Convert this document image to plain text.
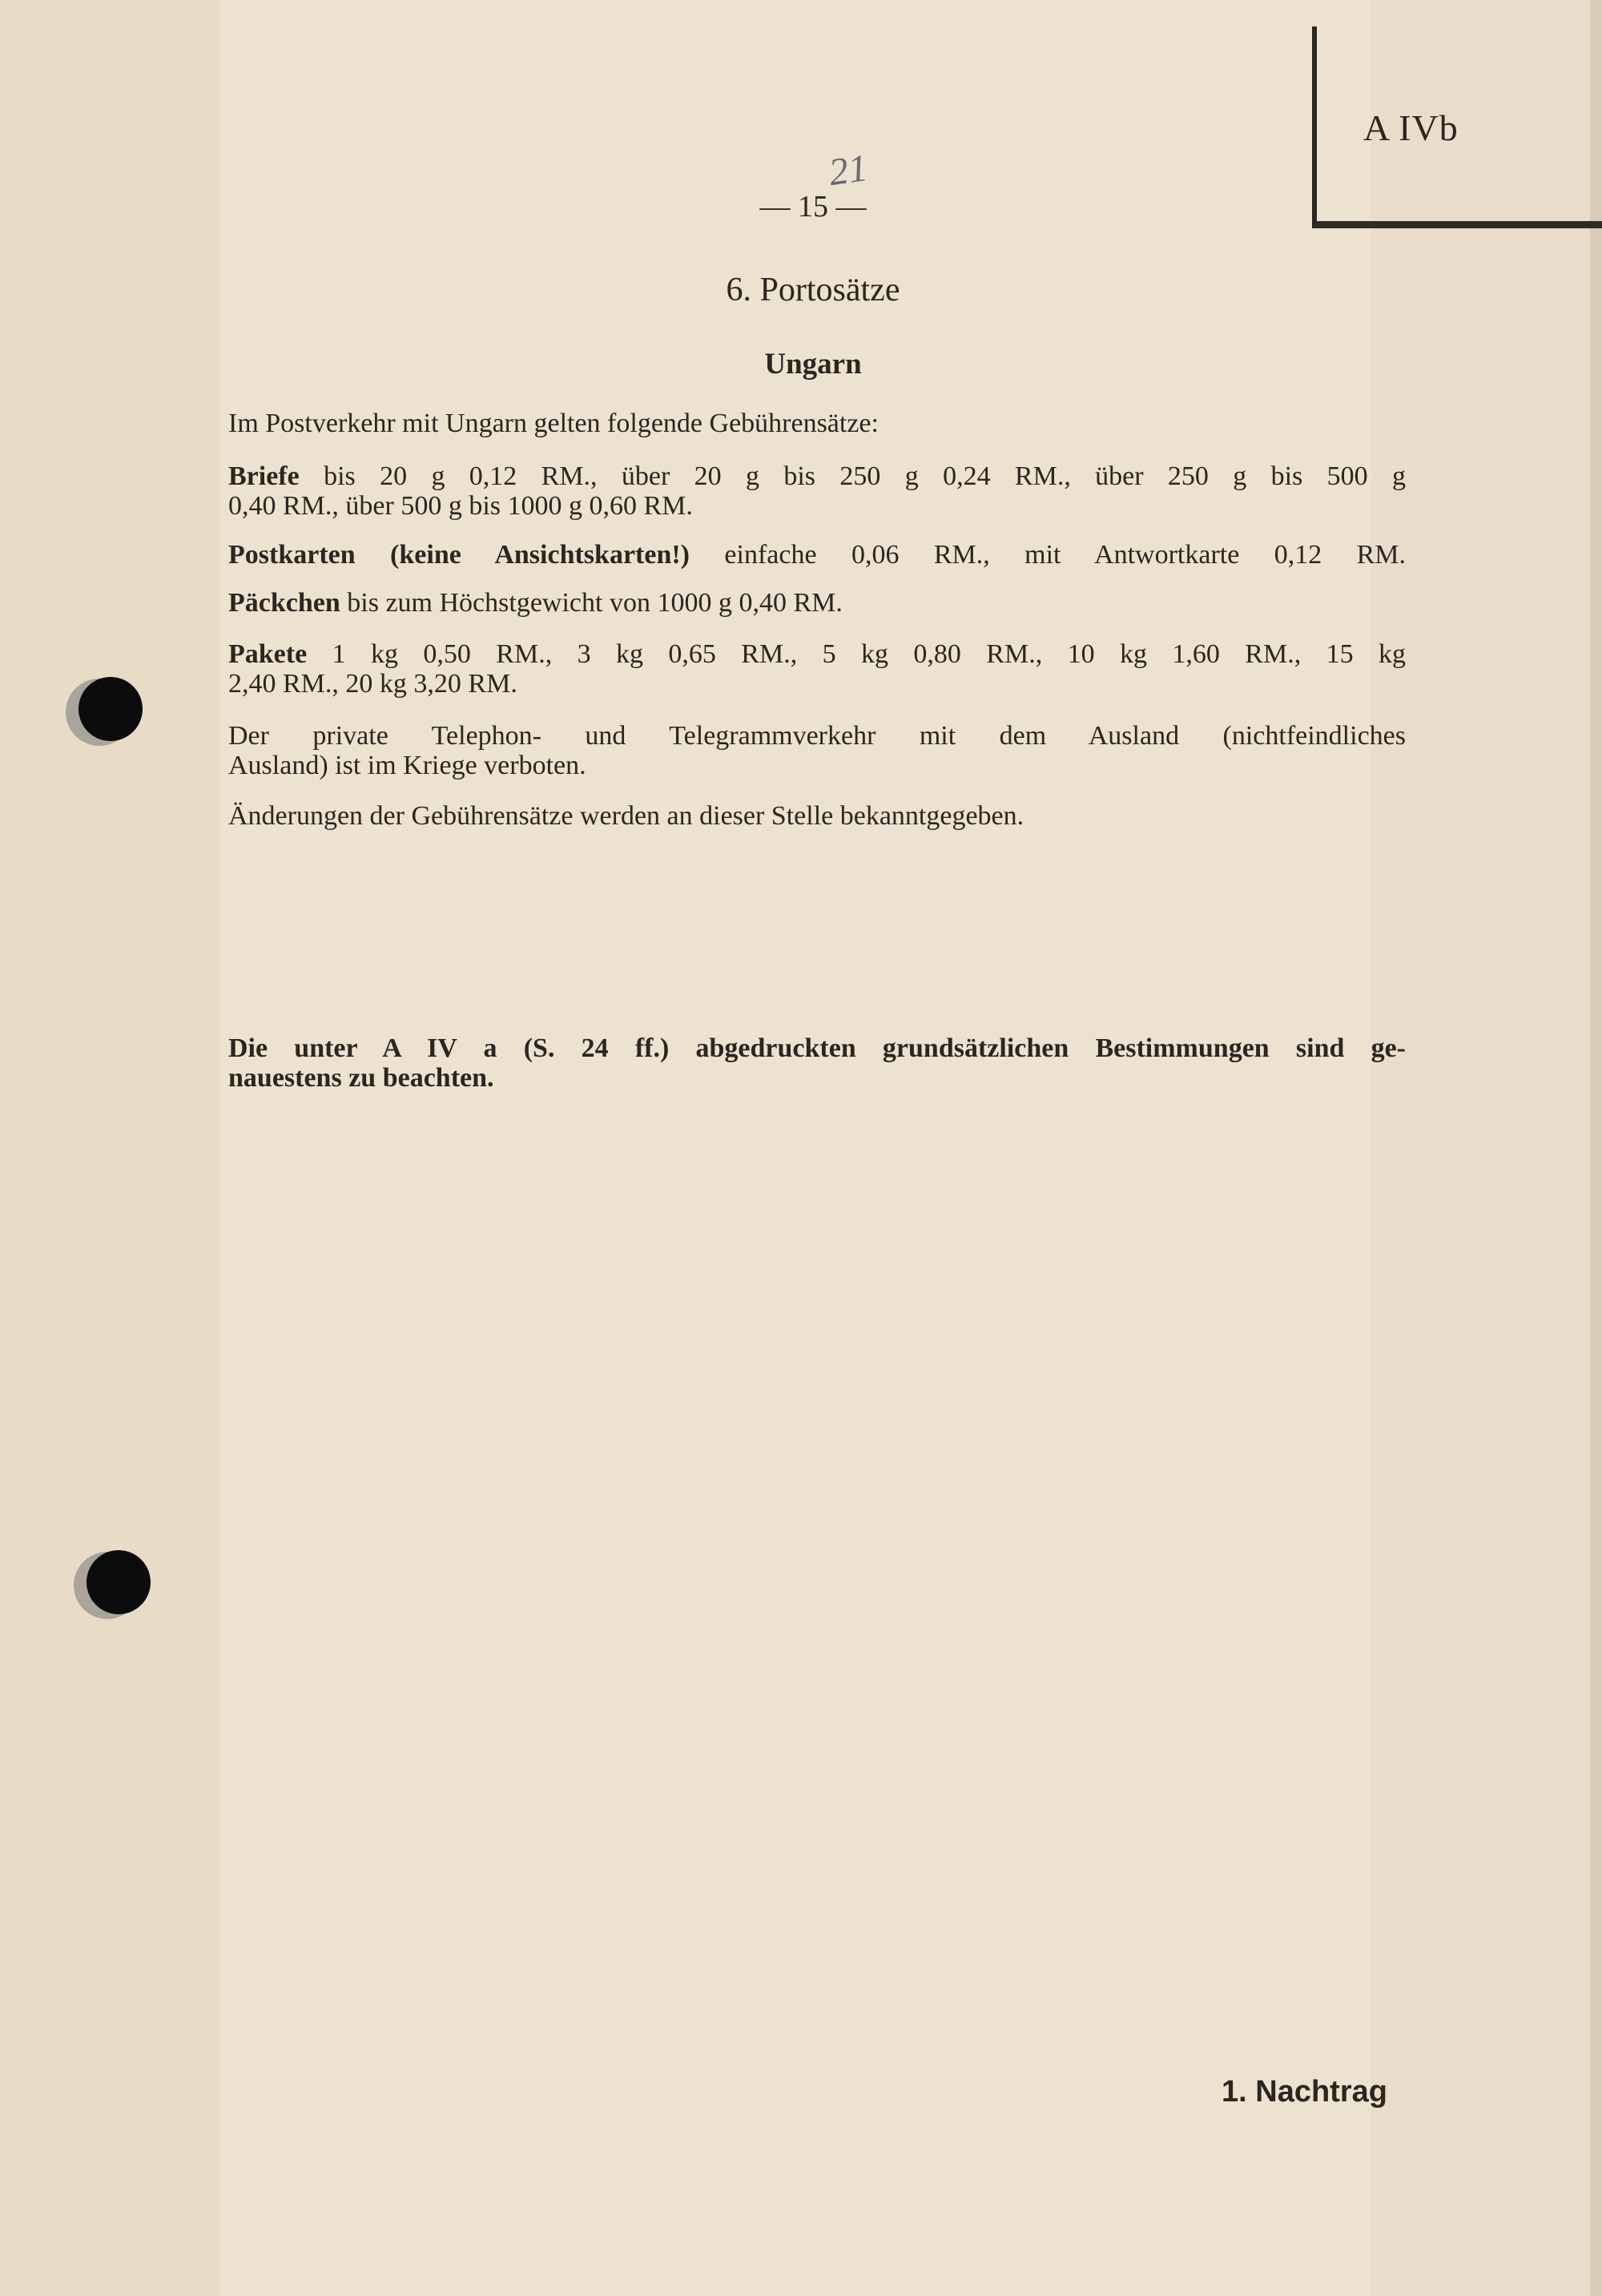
A IVb
21
— 15 —
6. Portosätze
Ungarn
Im Postverkehr mit Ungarn gelten folgende Gebührensätze:
Briefe bis 20 g 0,12 RM., über 20 g bis 250 g 0,24 RM., über 250 g bis 500 g
0,40 RM., über 500 g bis 1000 g 0,60 RM.
Postkarten (keine Ansichtskarten!) einfache 0,06 RM., mit Antwortkarte 0,12 RM.
Päckchen bis zum Höchstgewicht von 1000 g 0,40 RM.
Pakete 1 kg 0,50 RM., 3 kg 0,65 RM., 5 kg 0,80 RM., 10 kg 1,60 RM., 15 kg
2,40 RM., 20 kg 3,20 RM.
Der private Telephon- und Telegrammverkehr mit dem Ausland (nichtfeindliches
Ausland) ist im Kriege verboten.
Änderungen der Gebührensätze werden an dieser Stelle bekanntgegeben.
Die unter A IV a (S. 24 ff.) abgedruckten grundsätzlichen Bestimmungen sind ge-
nauestens zu beachten.
1. Nachtrag
